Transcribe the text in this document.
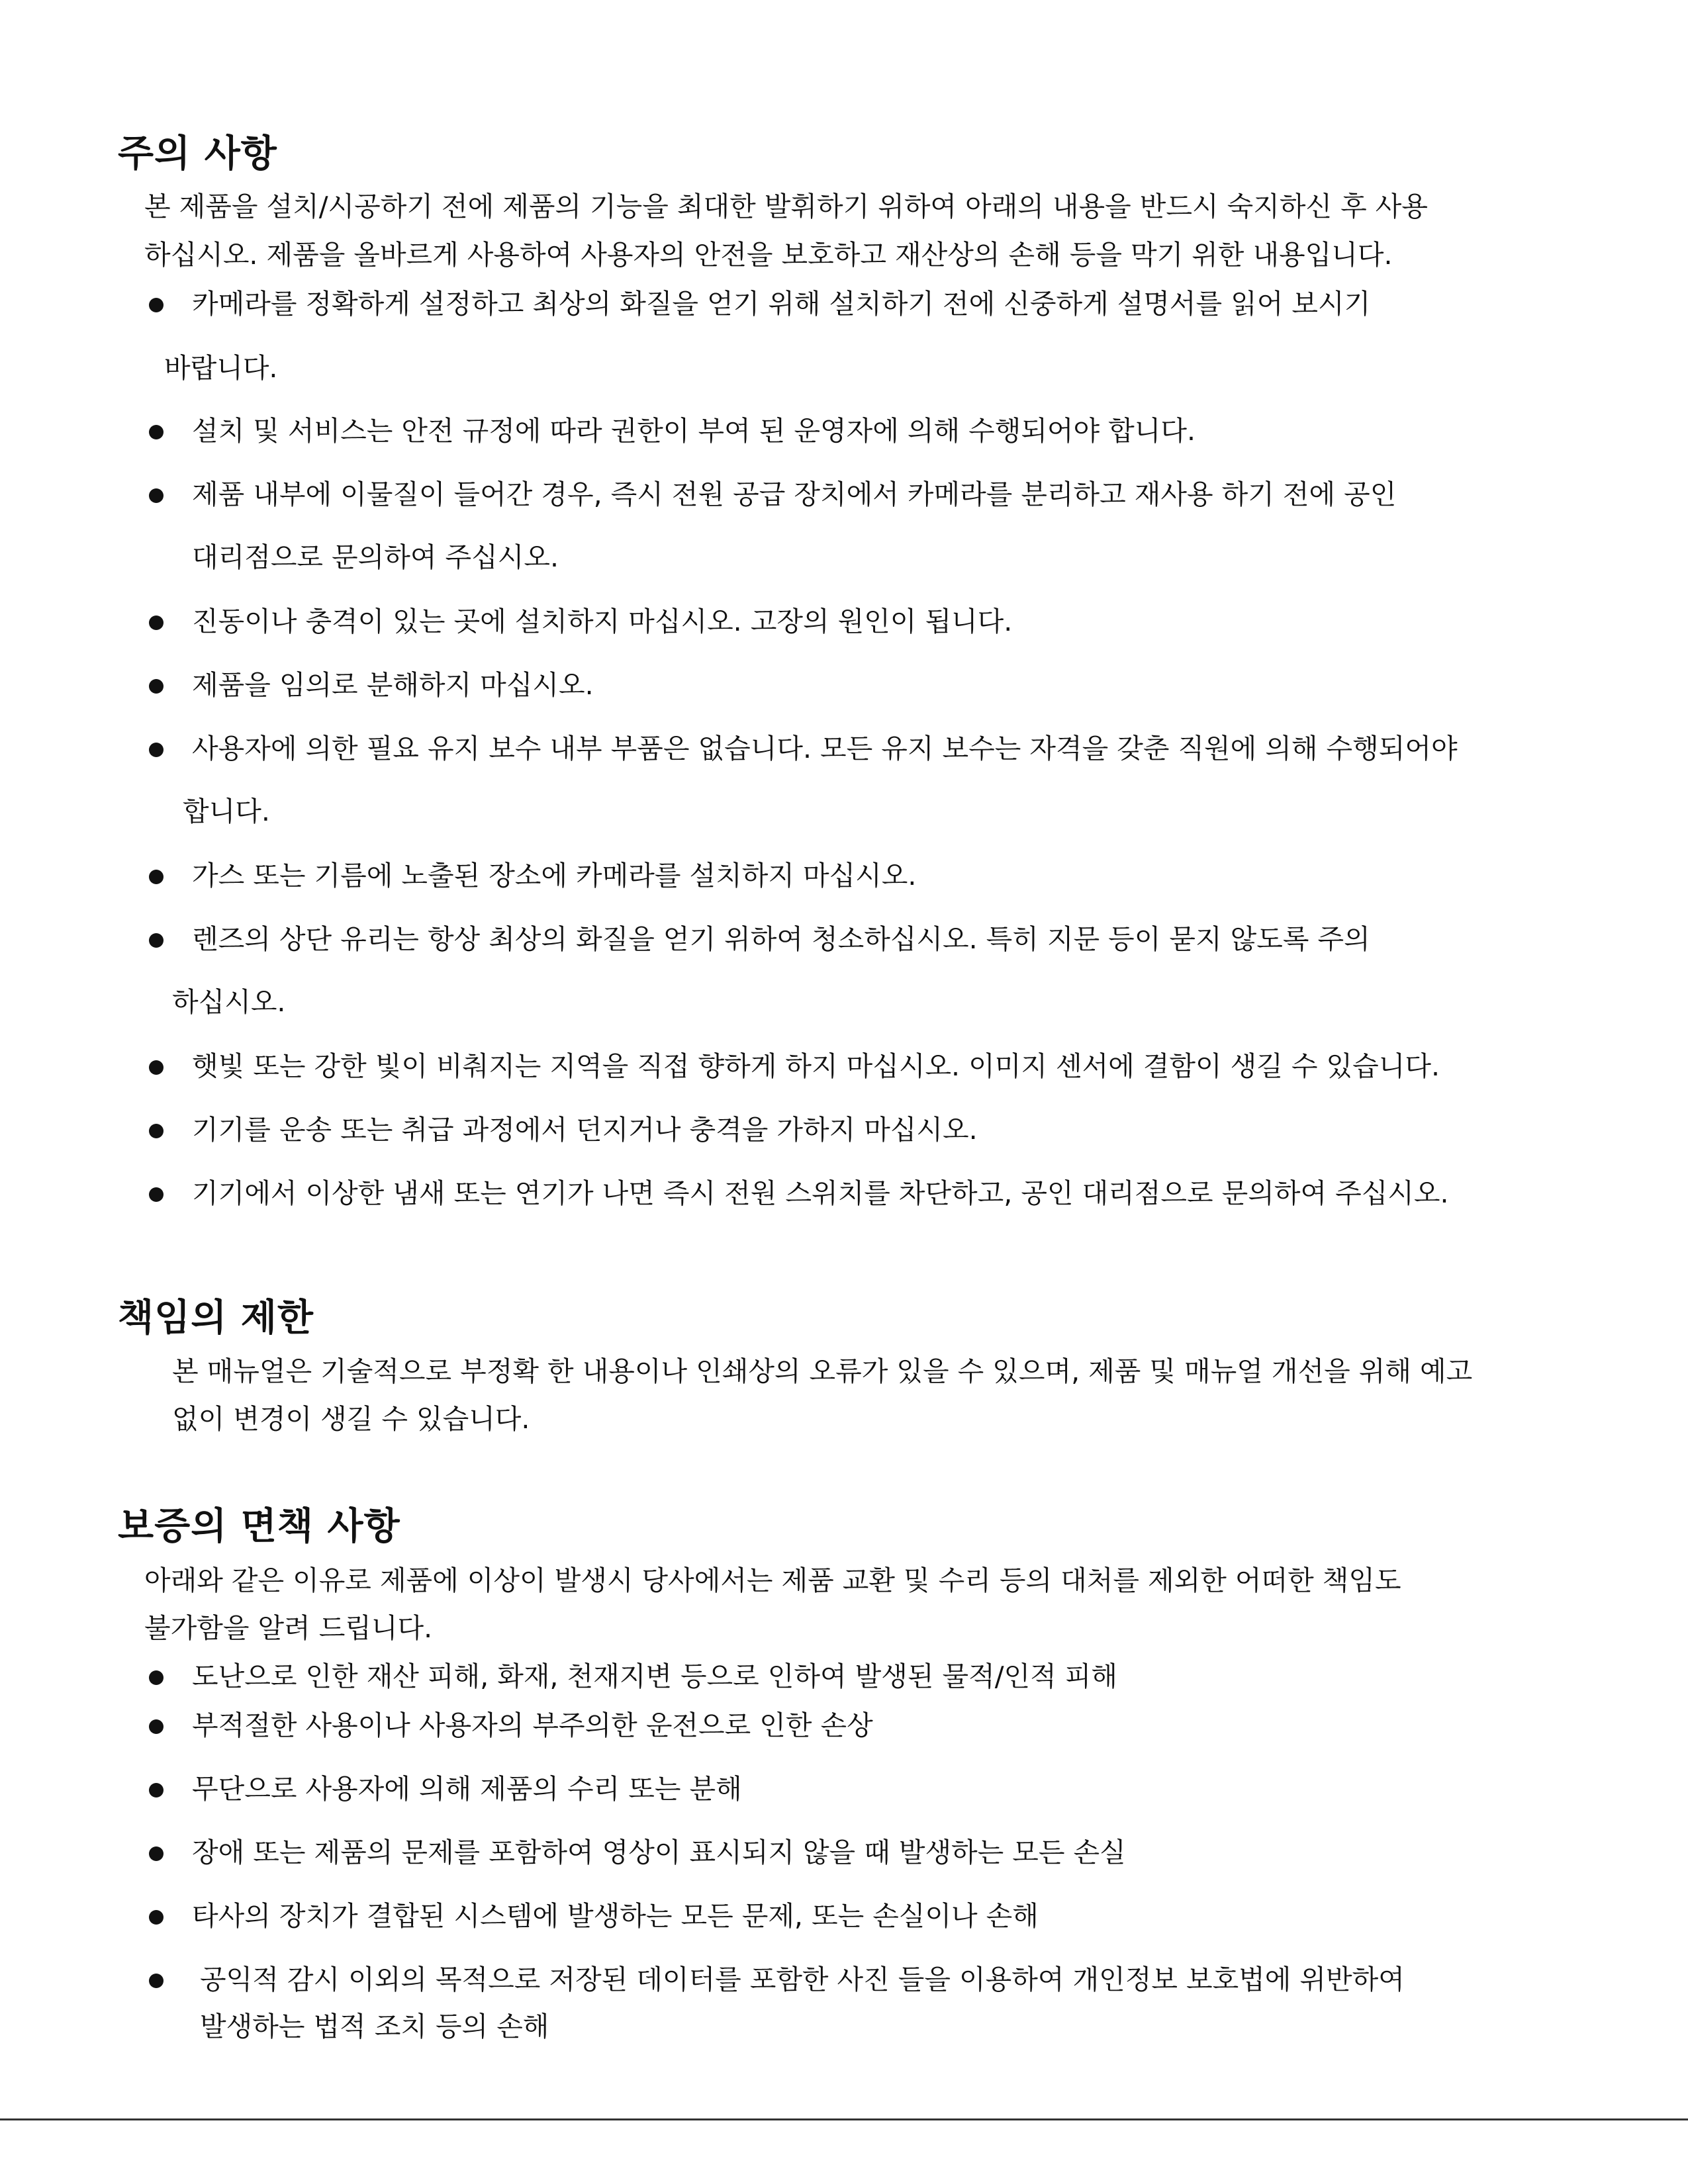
주의 사항

본 제품을 설치/시공하기 전에 제품의 기능을 최대한 발휘하기 위하여 아래의 내용을 반드시 숙지하신 후 사용

하십시오. 제품을 올바르게 사용하여 사용자의 안전을 보호하고 재산상의 손해 등을 막기 위한 내용입니다.

카메라를 정확하게 설정하고 최상의 화질을 얻기 위해 설치하기 전에 신중하게 설명서를 읽어 보시기

바랍니다.

설치 및 서비스는 안전 규정에 따라 권한이 부여 된 운영자에 의해 수행되어야 합니다.

제품 내부에 이물질이 들어간 경우, 즉시 전원 공급 장치에서 카메라를 분리하고 재사용 하기 전에 공인

대리점으로 문의하여 주십시오.

진동이나 충격이 있는 곳에 설치하지 마십시오. 고장의 원인이 됩니다.

제품을 임의로 분해하지 마십시오.

사용자에 의한 필요 유지 보수 내부 부품은 없습니다. 모든 유지 보수는 자격을 갖춘 직원에 의해 수행되어야

합니다.

가스 또는 기름에 노출된 장소에 카메라를 설치하지 마십시오.

렌즈의 상단 유리는 항상 최상의 화질을 얻기 위하여 청소하십시오. 특히 지문 등이 묻지 않도록 주의

하십시오.

햇빛 또는 강한 빛이 비춰지는 지역을 직접 향하게 하지 마십시오. 이미지 센서에 결함이 생길 수 있습니다.

기기를 운송 또는 취급 과정에서 던지거나 충격을 가하지 마십시오.

기기에서 이상한 냄새 또는 연기가 나면 즉시 전원 스위치를 차단하고, 공인 대리점으로 문의하여 주십시오.

책임의 제한

본 매뉴얼은 기술적으로 부정확 한 내용이나 인쇄상의 오류가 있을 수 있으며, 제품 및 매뉴얼 개선을 위해 예고

없이 변경이 생길 수 있습니다.

보증의 면책 사항

아래와 같은 이유로 제품에 이상이 발생시 당사에서는 제품 교환 및 수리 등의 대처를 제외한 어떠한 책임도

불가함을 알려 드립니다.

도난으로 인한 재산 피해, 화재, 천재지변 등으로 인하여 발생된 물적/인적 피해

부적절한 사용이나 사용자의 부주의한 운전으로 인한 손상

무단으로 사용자에 의해 제품의 수리 또는 분해

장애 또는 제품의 문제를 포함하여 영상이 표시되지 않을 때 발생하는 모든 손실

타사의 장치가 결합된 시스템에 발생하는 모든 문제, 또는 손실이나 손해

공익적 감시 이외의 목적으로 저장된 데이터를 포함한 사진 들을 이용하여 개인정보 보호법에 위반하여

발생하는 법적 조치 등의 손해
